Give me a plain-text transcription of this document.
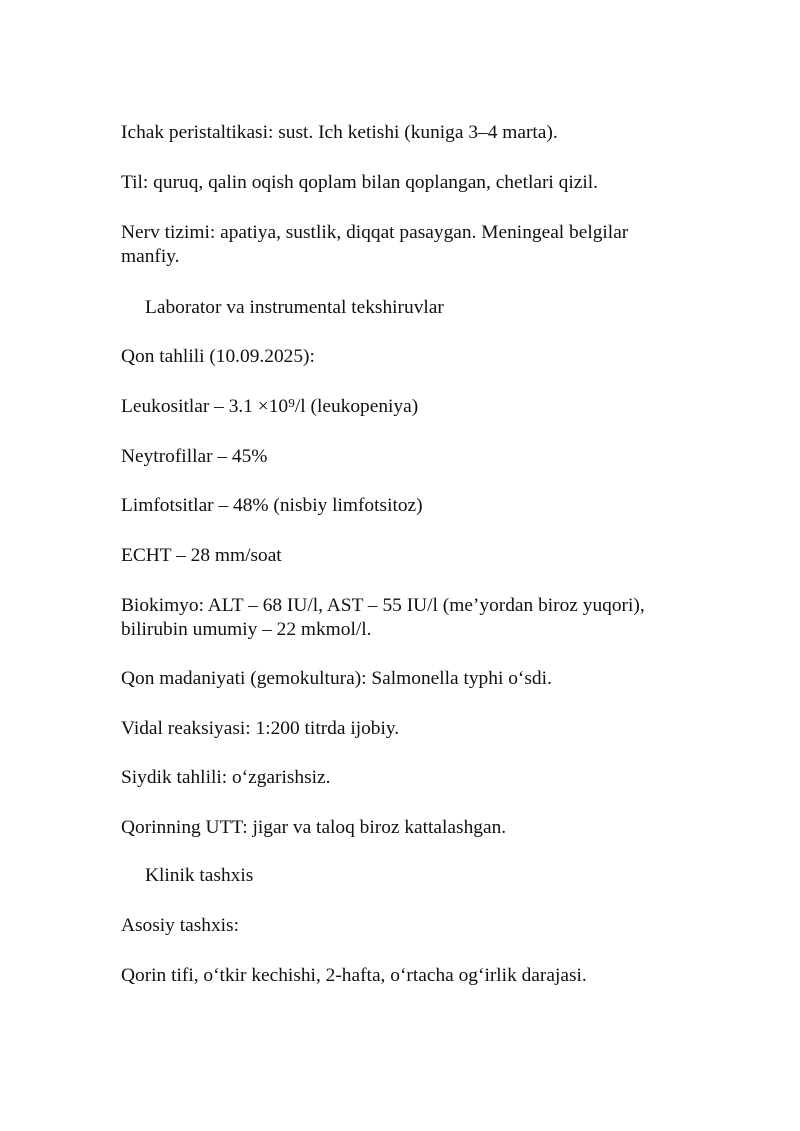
Ichak peristaltikasi: sust. Ich ketishi (kuniga 3–4 marta).

Til: quruq, qalin oqish qoplam bilan qoplangan, chetlari qizil.

Nerv tizimi: apatiya, sustlik, diqqat pasaygan. Meningeal belgilar manfiy.

Laborator va instrumental tekshiruvlar

Qon tahlili (10.09.2025):

Leukositlar – 3.1 ×10⁹/l (leukopeniya)

Neytrofillar – 45%

Limfotsitlar – 48% (nisbiy limfotsitoz)

ECHT – 28 mm/soat

Biokimyo: ALT – 68 IU/l, AST – 55 IU/l (me’yordan biroz yuqori), bilirubin umumiy – 22 mkmol/l.

Qon madaniyati (gemokultura): Salmonella typhi o‘sdi.

Vidal reaksiyasi: 1:200 titrda ijobiy.

Siydik tahlili: o‘zgarishsiz.

Qorinning UTT: jigar va taloq biroz kattalashgan.

Klinik tashxis

Asosiy tashxis:

Qorin tifi, o‘tkir kechishi, 2-hafta, o‘rtacha og‘irlik darajasi.
